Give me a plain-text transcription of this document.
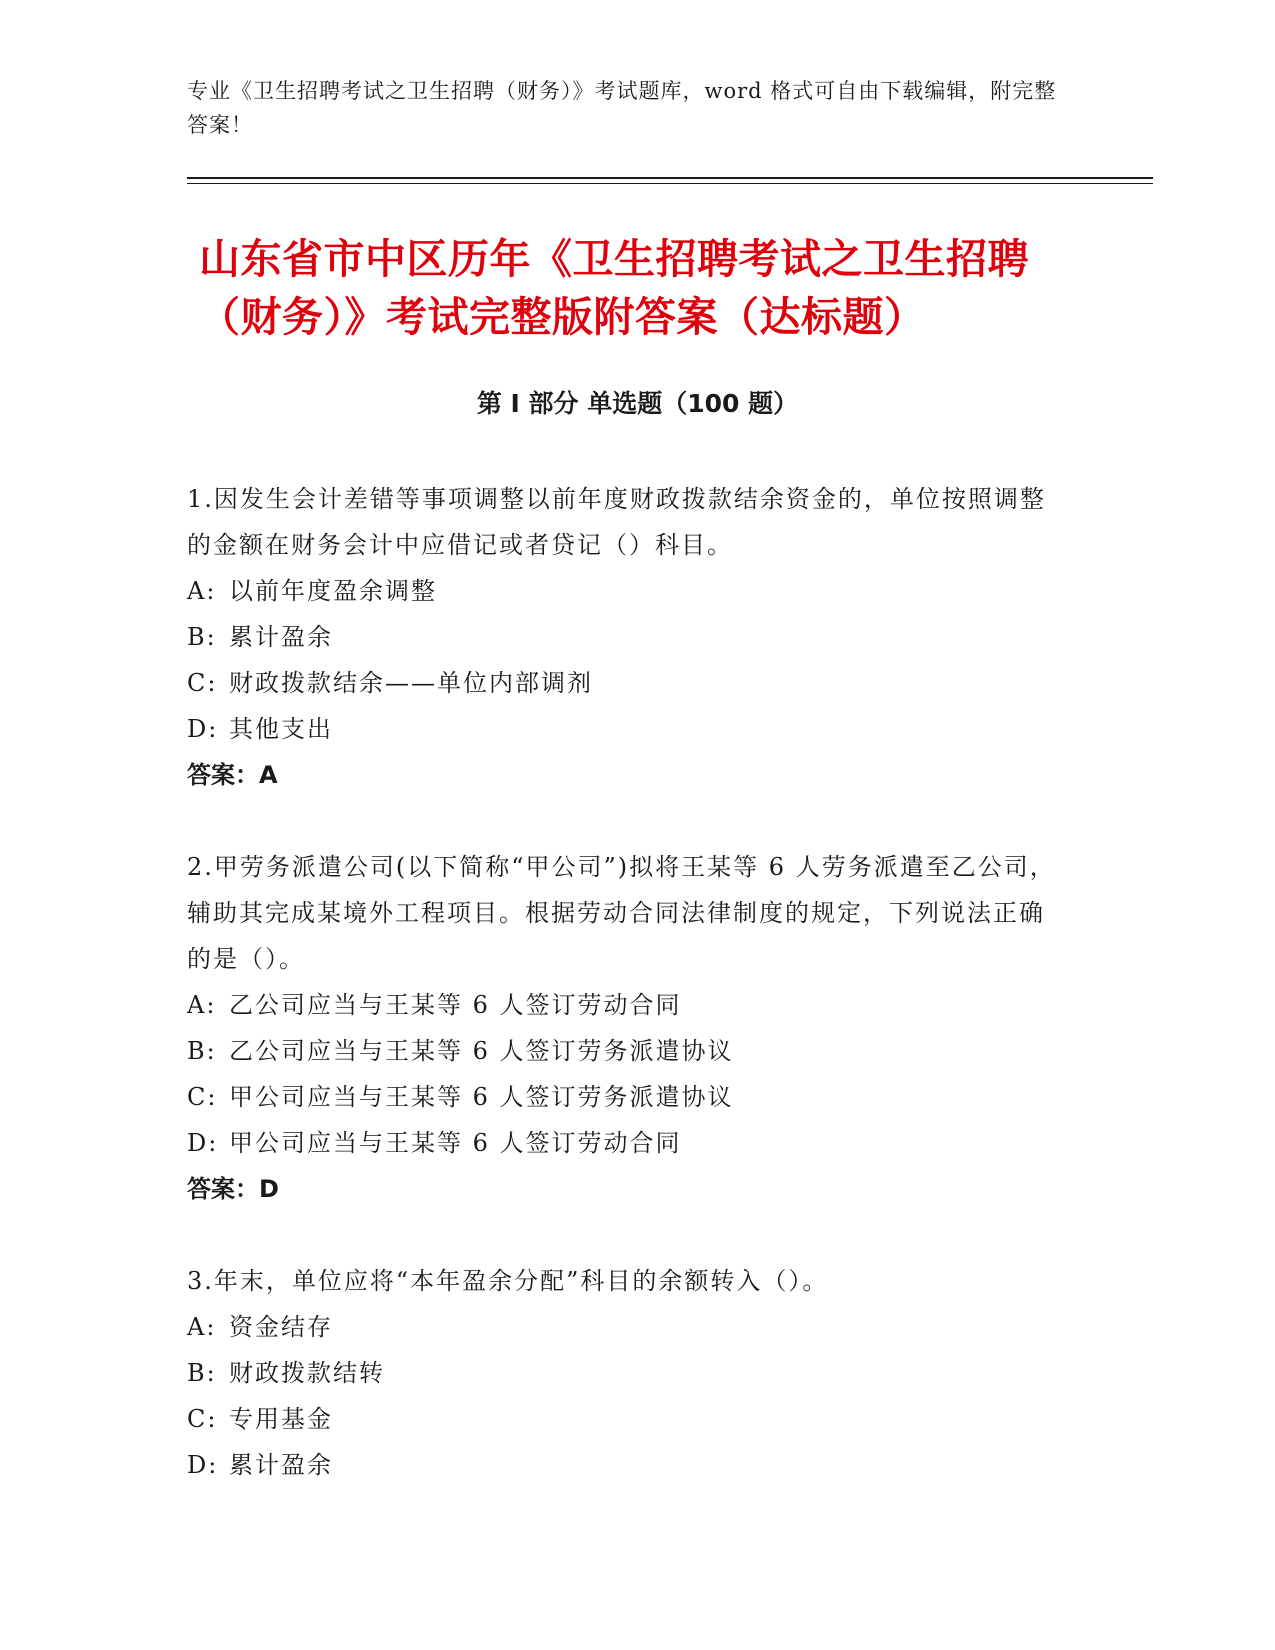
专业《卫生招聘考试之卫生招聘（财务）》考试题库，word 格式可自由下载编辑，附完整答案！
山东省市中区历年《卫生招聘考试之卫生招聘（财务）》考试完整版附答案（达标题）
第 I 部分 单选题（100 题）
1.因发生会计差错等事项调整以前年度财政拨款结余资金的，单位按照调整的金额在财务会计中应借记或者贷记（）科目。
A: 以前年度盈余调整
B: 累计盈余
C: 财政拨款结余——单位内部调剂
D: 其他支出
答案：A
2.甲劳务派遣公司(以下简称“甲公司”)拟将王某等 6 人劳务派遣至乙公司，辅助其完成某境外工程项目。根据劳动合同法律制度的规定，下列说法正确的是（）。
A: 乙公司应当与王某等 6 人签订劳动合同
B: 乙公司应当与王某等 6 人签订劳务派遣协议
C: 甲公司应当与王某等 6 人签订劳务派遣协议
D: 甲公司应当与王某等 6 人签订劳动合同
答案：D
3.年末，单位应将“本年盈余分配”科目的余额转入（）。
A: 资金结存
B: 财政拨款结转
C: 专用基金
D: 累计盈余
